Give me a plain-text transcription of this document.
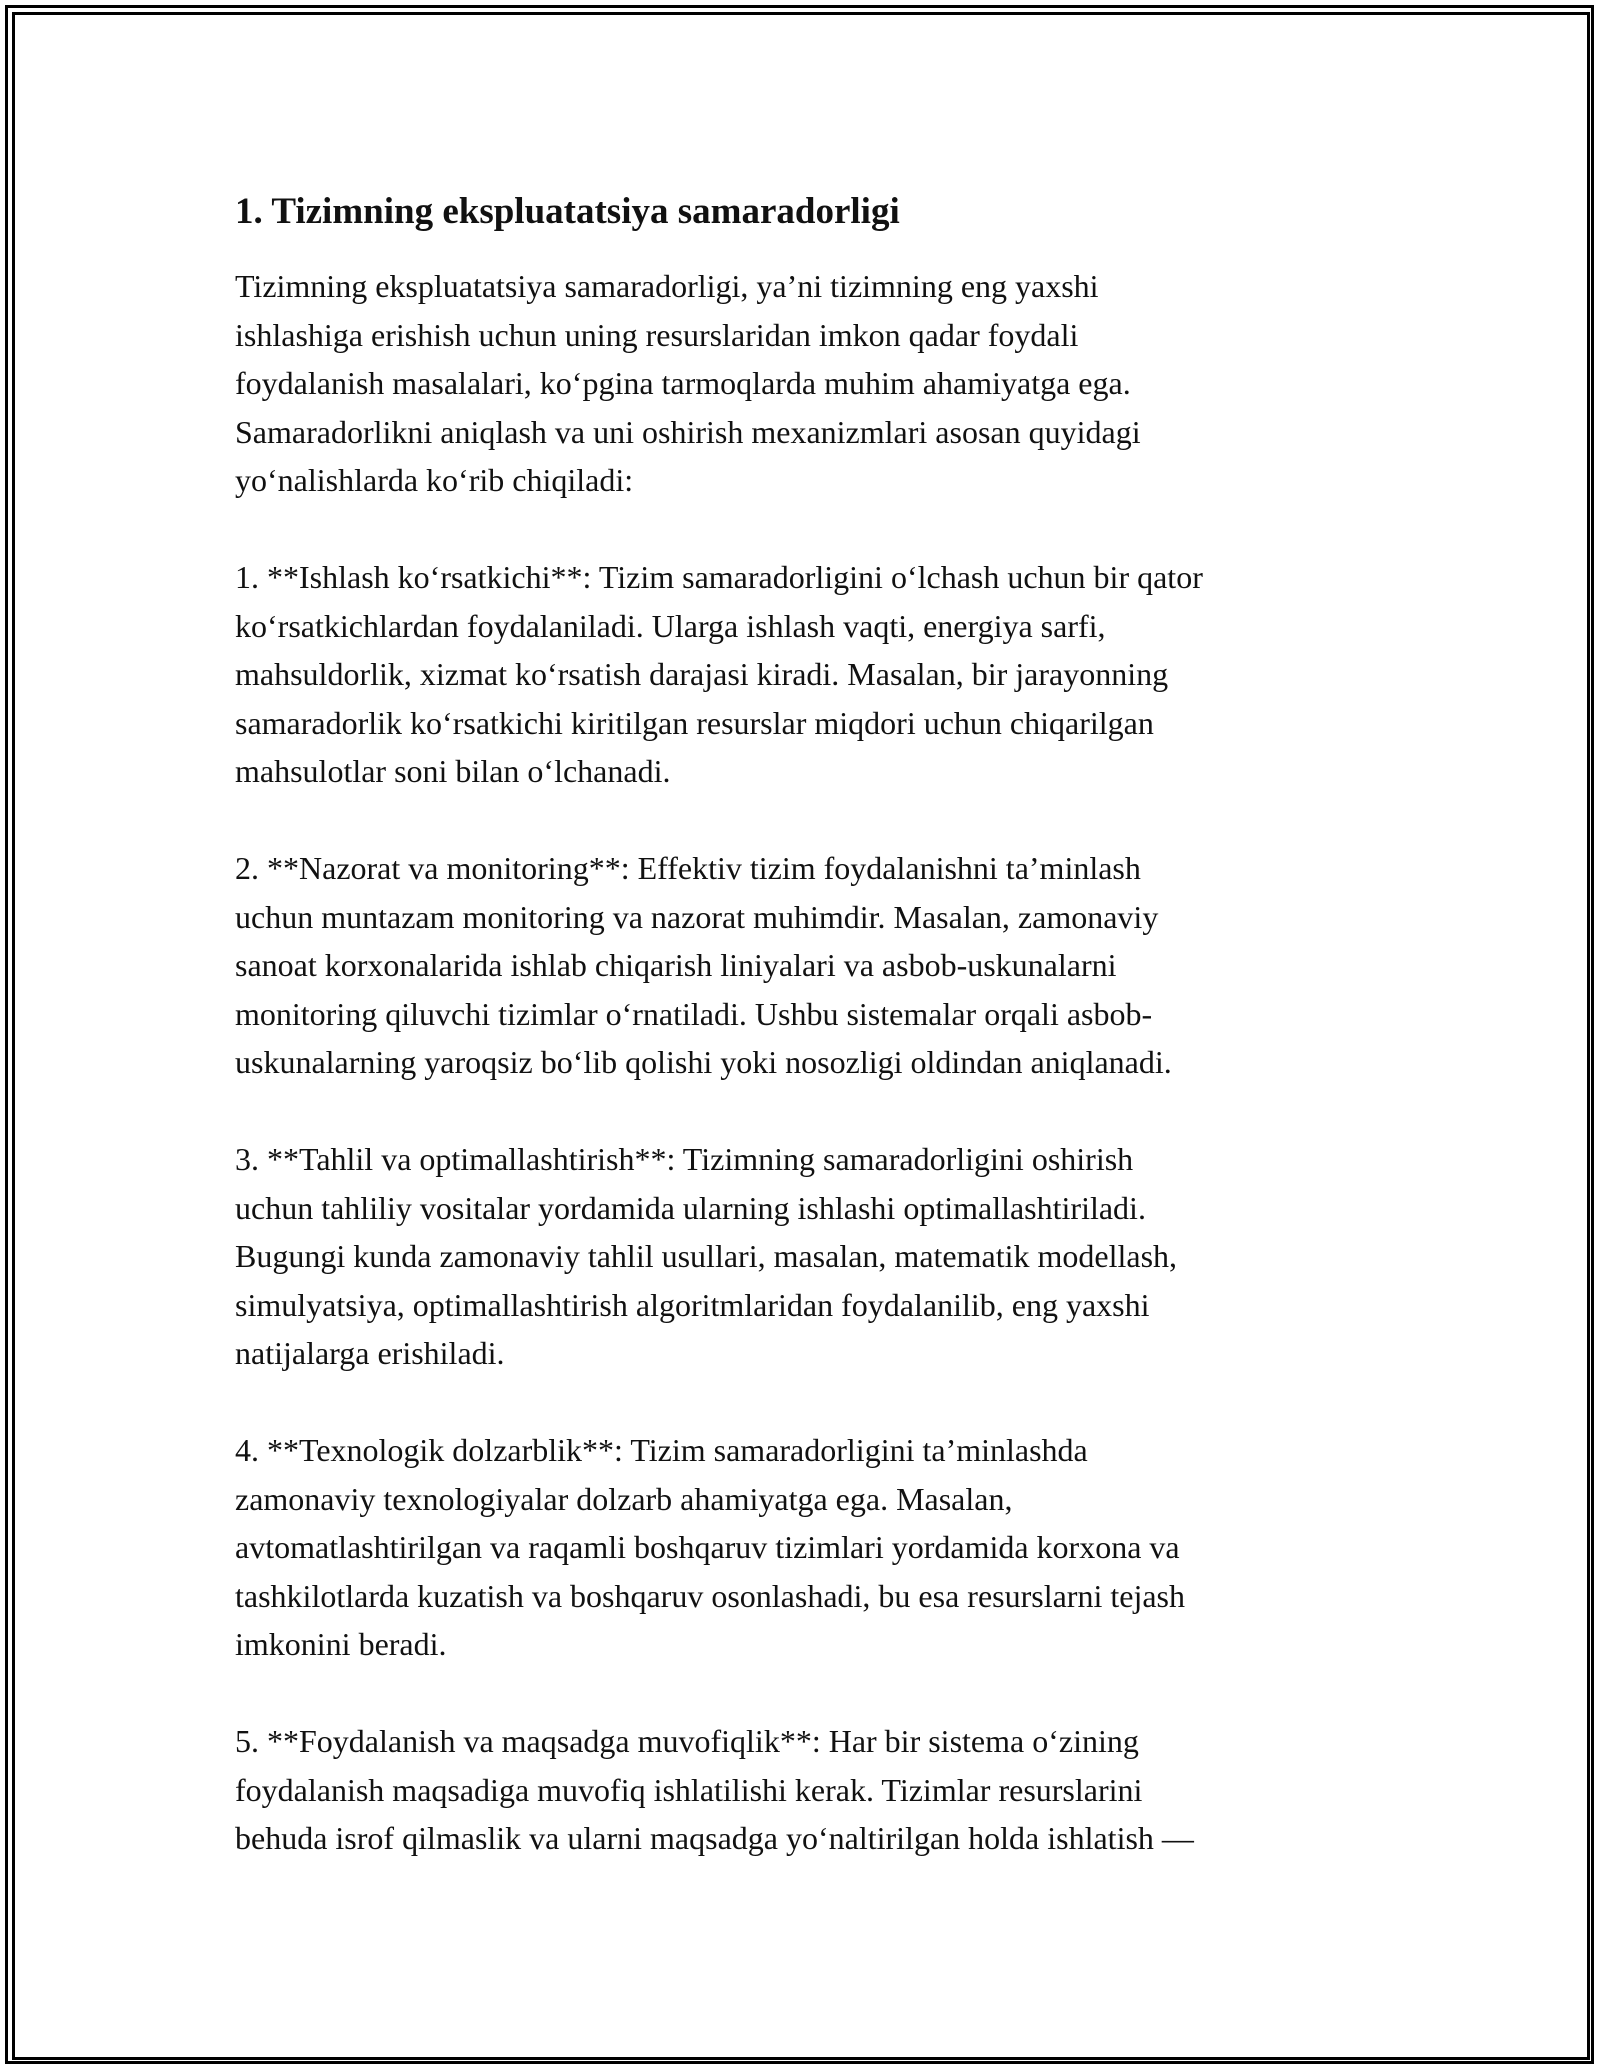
1. Tizimning ekspluatatsiya samaradorligi
Tizimning ekspluatatsiya samaradorligi, ya’ni tizimning eng yaxshi
ishlashiga erishish uchun uning resurslaridan imkon qadar foydali
foydalanish masalalari, ko‘pgina tarmoqlarda muhim ahamiyatga ega.
Samaradorlikni aniqlash va uni oshirish mexanizmlari asosan quyidagi
yo‘nalishlarda ko‘rib chiqiladi:
1. **Ishlash ko‘rsatkichi**: Tizim samaradorligini o‘lchash uchun bir qator
ko‘rsatkichlardan foydalaniladi. Ularga ishlash vaqti, energiya sarfi,
mahsuldorlik, xizmat ko‘rsatish darajasi kiradi. Masalan, bir jarayonning
samaradorlik ko‘rsatkichi kiritilgan resurslar miqdori uchun chiqarilgan
mahsulotlar soni bilan o‘lchanadi.
2. **Nazorat va monitoring**: Effektiv tizim foydalanishni ta’minlash
uchun muntazam monitoring va nazorat muhimdir. Masalan, zamonaviy
sanoat korxonalarida ishlab chiqarish liniyalari va asbob-uskunalarni
monitoring qiluvchi tizimlar o‘rnatiladi. Ushbu sistemalar orqali asbob-
uskunalarning yaroqsiz bo‘lib qolishi yoki nosozligi oldindan aniqlanadi.
3. **Tahlil va optimallashtirish**: Tizimning samaradorligini oshirish
uchun tahliliy vositalar yordamida ularning ishlashi optimallashtiriladi.
Bugungi kunda zamonaviy tahlil usullari, masalan, matematik modellash,
simulyatsiya, optimallashtirish algoritmlaridan foydalanilib, eng yaxshi
natijalarga erishiladi.
4. **Texnologik dolzarblik**: Tizim samaradorligini ta’minlashda
zamonaviy texnologiyalar dolzarb ahamiyatga ega. Masalan,
avtomatlashtirilgan va raqamli boshqaruv tizimlari yordamida korxona va
tashkilotlarda kuzatish va boshqaruv osonlashadi, bu esa resurslarni tejash
imkonini beradi.
5. **Foydalanish va maqsadga muvofiqlik**: Har bir sistema o‘zining
foydalanish maqsadiga muvofiq ishlatilishi kerak. Tizimlar resurslarini
behuda isrof qilmaslik va ularni maqsadga yo‘naltirilgan holda ishlatish —
